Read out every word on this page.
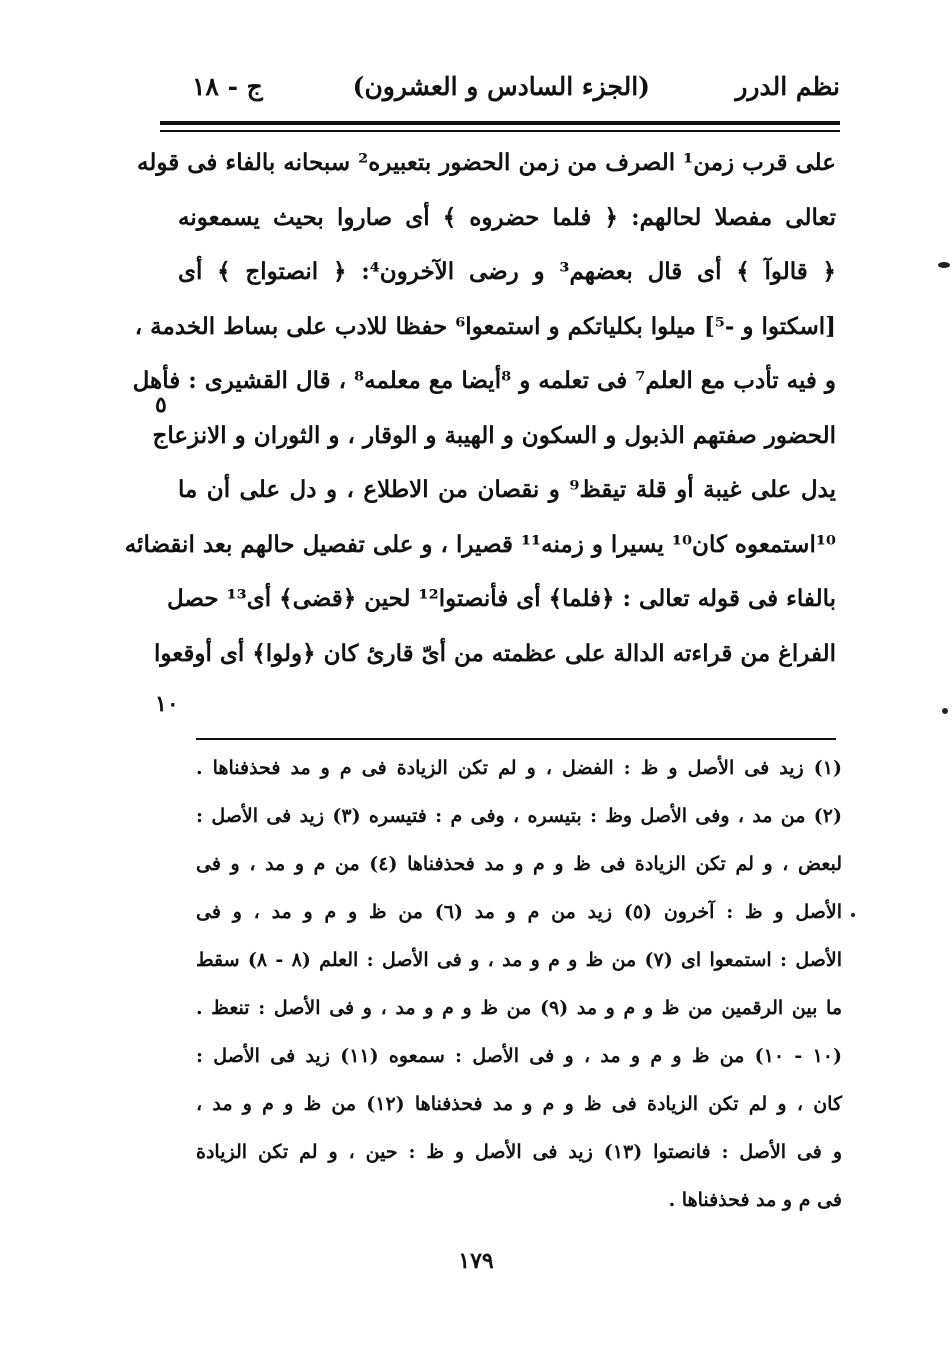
نظم الدرر
(الجزء السادس و العشرون)
ج - ١٨
على قرب زمن¹ الصرف من زمن الحضور بتعبيره² سبحانه بالفاء فى قوله
تعالى مفصلا لحالهم: ﴿ فلما حضروه ﴾ أى صاروا بحيث يسمعونه
﴿ قالوآ ﴾ أى قال بعضهم³ و رضى الآخرون⁴: ﴿ انصتواج ﴾ أى
[اسكتوا و -⁵] ميلوا بكلياتكم و استمعوا⁶ حفظا للادب على بساط الخدمة ،
و فيه تأدب مع العلم⁷ فى تعلمه و ⁸أيضا مع معلمه⁸ ، قال القشيرى : فأهل
الحضور صفتهم الذبول و السكون و الهيبة و الوقار ، و الثوران و الانزعاج
يدل على غيبة أو قلة تيقظ⁹ و نقصان من الاطلاع ، و دل على أن ما
¹⁰استمعوه كان¹⁰ يسيرا و زمنه¹¹ قصيرا ، و على تفصيل حالهم بعد انقضائه
بالفاء فى قوله تعالى : ﴿فلما﴾ أى فأنصتوا¹² لحين ﴿قضى﴾ أى¹³ حصل
الفراغ من قراءته الدالة على عظمته من أىّ قارئ كان ﴿ولوا﴾ أى أوقعوا
٥
١٠
(١) زيد فى الأصل و ظ : الفضل ، و لم تكن الزيادة فى م و مد فحذفناها .
(٢) من مد ، وفى الأصل وظ : بتيسره ، وفى م : فتيسره (٣) زيد فى الأصل :
لبعض ، و لم تكن الزيادة فى ظ و م و مد فحذفناها (٤) من م و مد ، و فى
الأصل و ظ : آخرون (٥) زيد من م و مد (٦) من ظ و م و مد ، و فى
الأصل : استمعوا اى (٧) من ظ و م و مد ، و فى الأصل : العلم (٨ - ٨) سقط
ما بين الرقمين من ظ و م و مد (٩) من ظ و م و مد ، و فى الأصل : تنعظ .
(١٠ - ١٠) من ظ و م و مد ، و فى الأصل : سمعوه (١١) زيد فى الأصل :
كان ، و لم تكن الزيادة فى ظ و م و مد فحذفناها (١٢) من ظ و م و مد ،
و فى الأصل : فانصتوا (١٣) زيد فى الأصل و ظ : حين ، و لم تكن الزيادة
فى م و مد فحذفناها .
١٧٩
